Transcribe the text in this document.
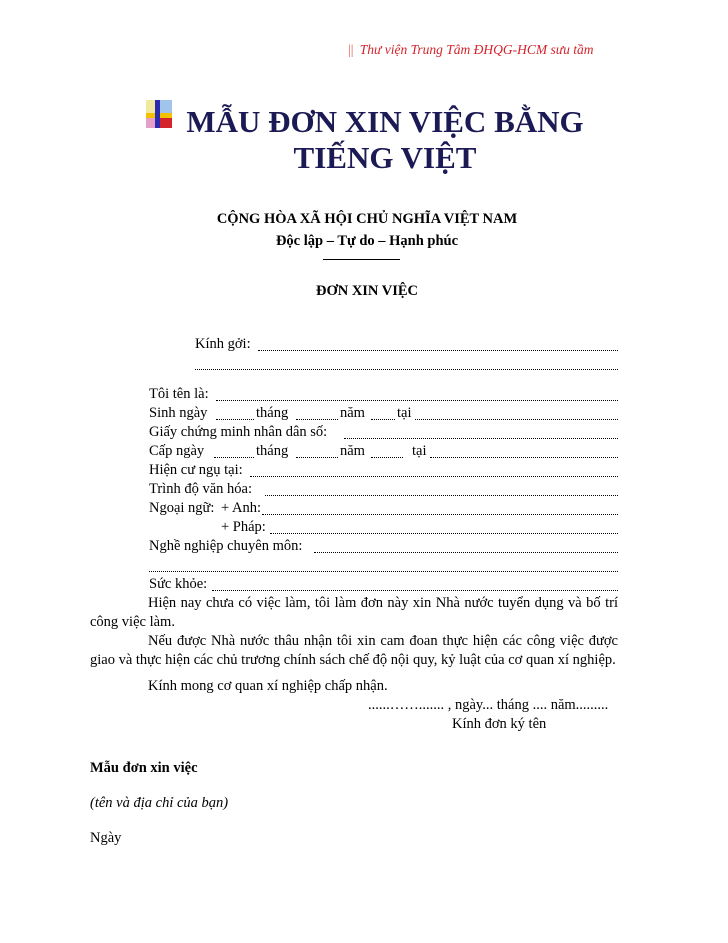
|| Thư viện Trung Tâm ĐHQG-HCM sưu tầm
MẪU ĐƠN XIN VIỆC BẰNG TIẾNG VIỆT
CỘNG HÒA XÃ HỘI CHỦ NGHĨA VIỆT NAM
Độc lập – Tự do – Hạnh phúc
ĐƠN XIN VIỆC
Kính gởi:
Tôi tên là:
Sinh ngày	tháng	năm tại
Giấy chứng minh nhân dân số:
Cấp ngày	tháng	năm	tại
Hiện cư ngụ tại:
Trình độ văn hóa:
Ngoại ngữ: + Anh:
+ Pháp:
Nghề nghiệp chuyên môn:
Sức khỏe:
Hiện nay chưa có việc làm, tôi làm đơn này xin Nhà nước tuyển dụng và bố trí công việc làm.
Nếu được Nhà nước thâu nhận tôi xin cam đoan thực hiện các công việc được giao và thực hiện các chủ trương chính sách chế độ nội quy, kỷ luật của cơ quan xí nghiệp.
Kính mong cơ quan xí nghiệp chấp nhận.
......……....... , ngày... tháng .... năm.........
Kính đơn ký tên
Mẫu đơn xin việc
(tên và địa chỉ của bạn)
Ngày
